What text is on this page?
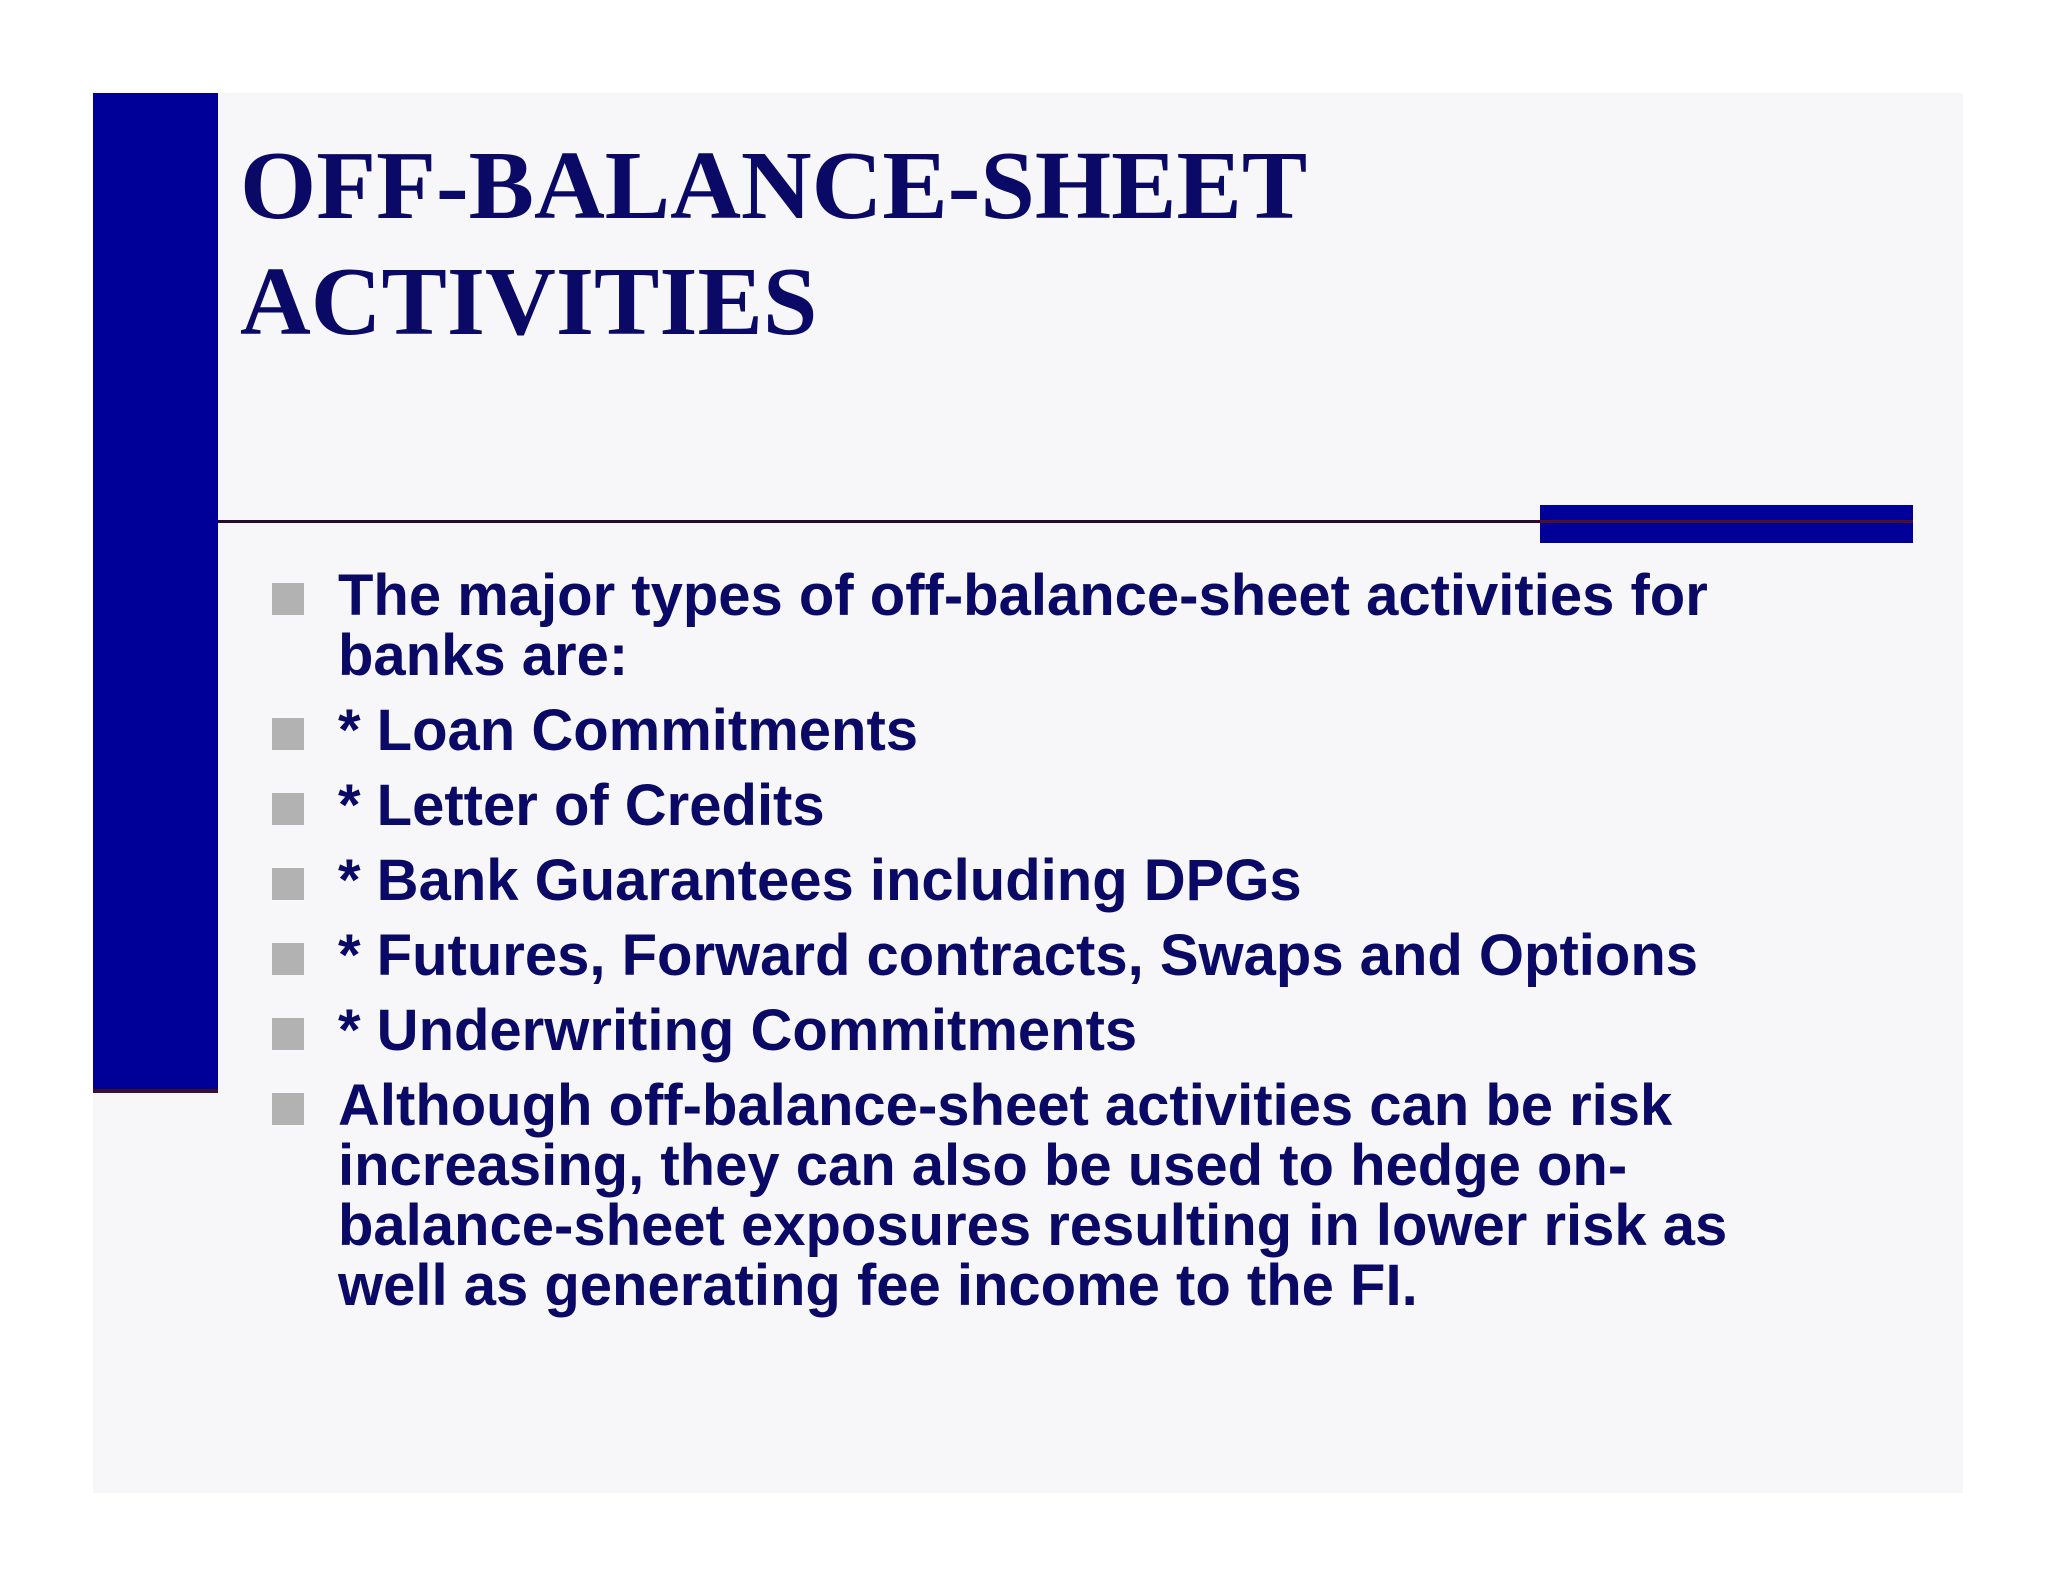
OFF-BALANCE-SHEET
ACTIVITIES
The major types of off-balance-sheet activities for
banks are:
* Loan Commitments
* Letter of Credits
* Bank Guarantees including DPGs
* Futures, Forward contracts, Swaps and Options
* Underwriting Commitments
Although off-balance-sheet activities can be risk
increasing, they can also be used to hedge on-
balance-sheet exposures resulting in lower risk as
well as generating fee income to the FI.
